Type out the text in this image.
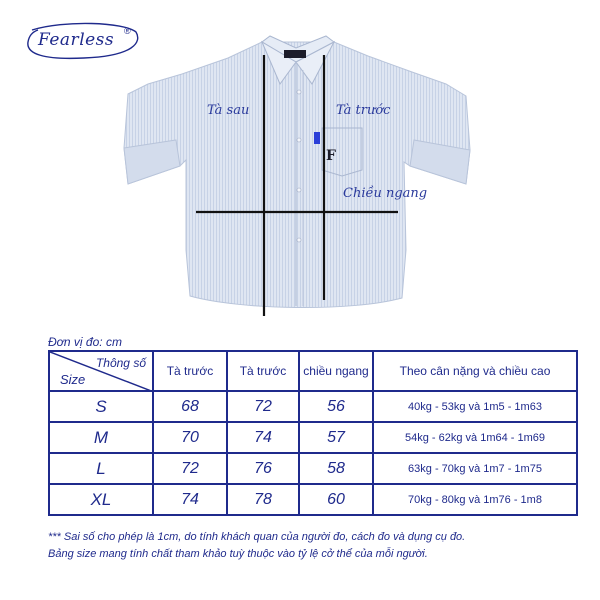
Fearless ®
F
Tà sau	Tà trước
Chiều ngang
Đơn vị đo: cm
Thông số
Size	Tà trước	Tà trước	chiều ngang	Theo cân nặng và chiều cao
S	68	72	56	40kg - 53kg và 1m5 - 1m63
M	70	74	57	54kg - 62kg và 1m64 - 1m69
L	72	76	58	63kg - 70kg và 1m7 - 1m75
XL	74	78	60	70kg - 80kg và 1m76 - 1m8
*** Sai số cho phép là 1cm, do tính khách quan của người đo, cách đo và dụng cụ đo.
Bảng size mang tính chất tham khảo tuỳ thuộc vào tỷ lệ cở thể của mỗi người.
